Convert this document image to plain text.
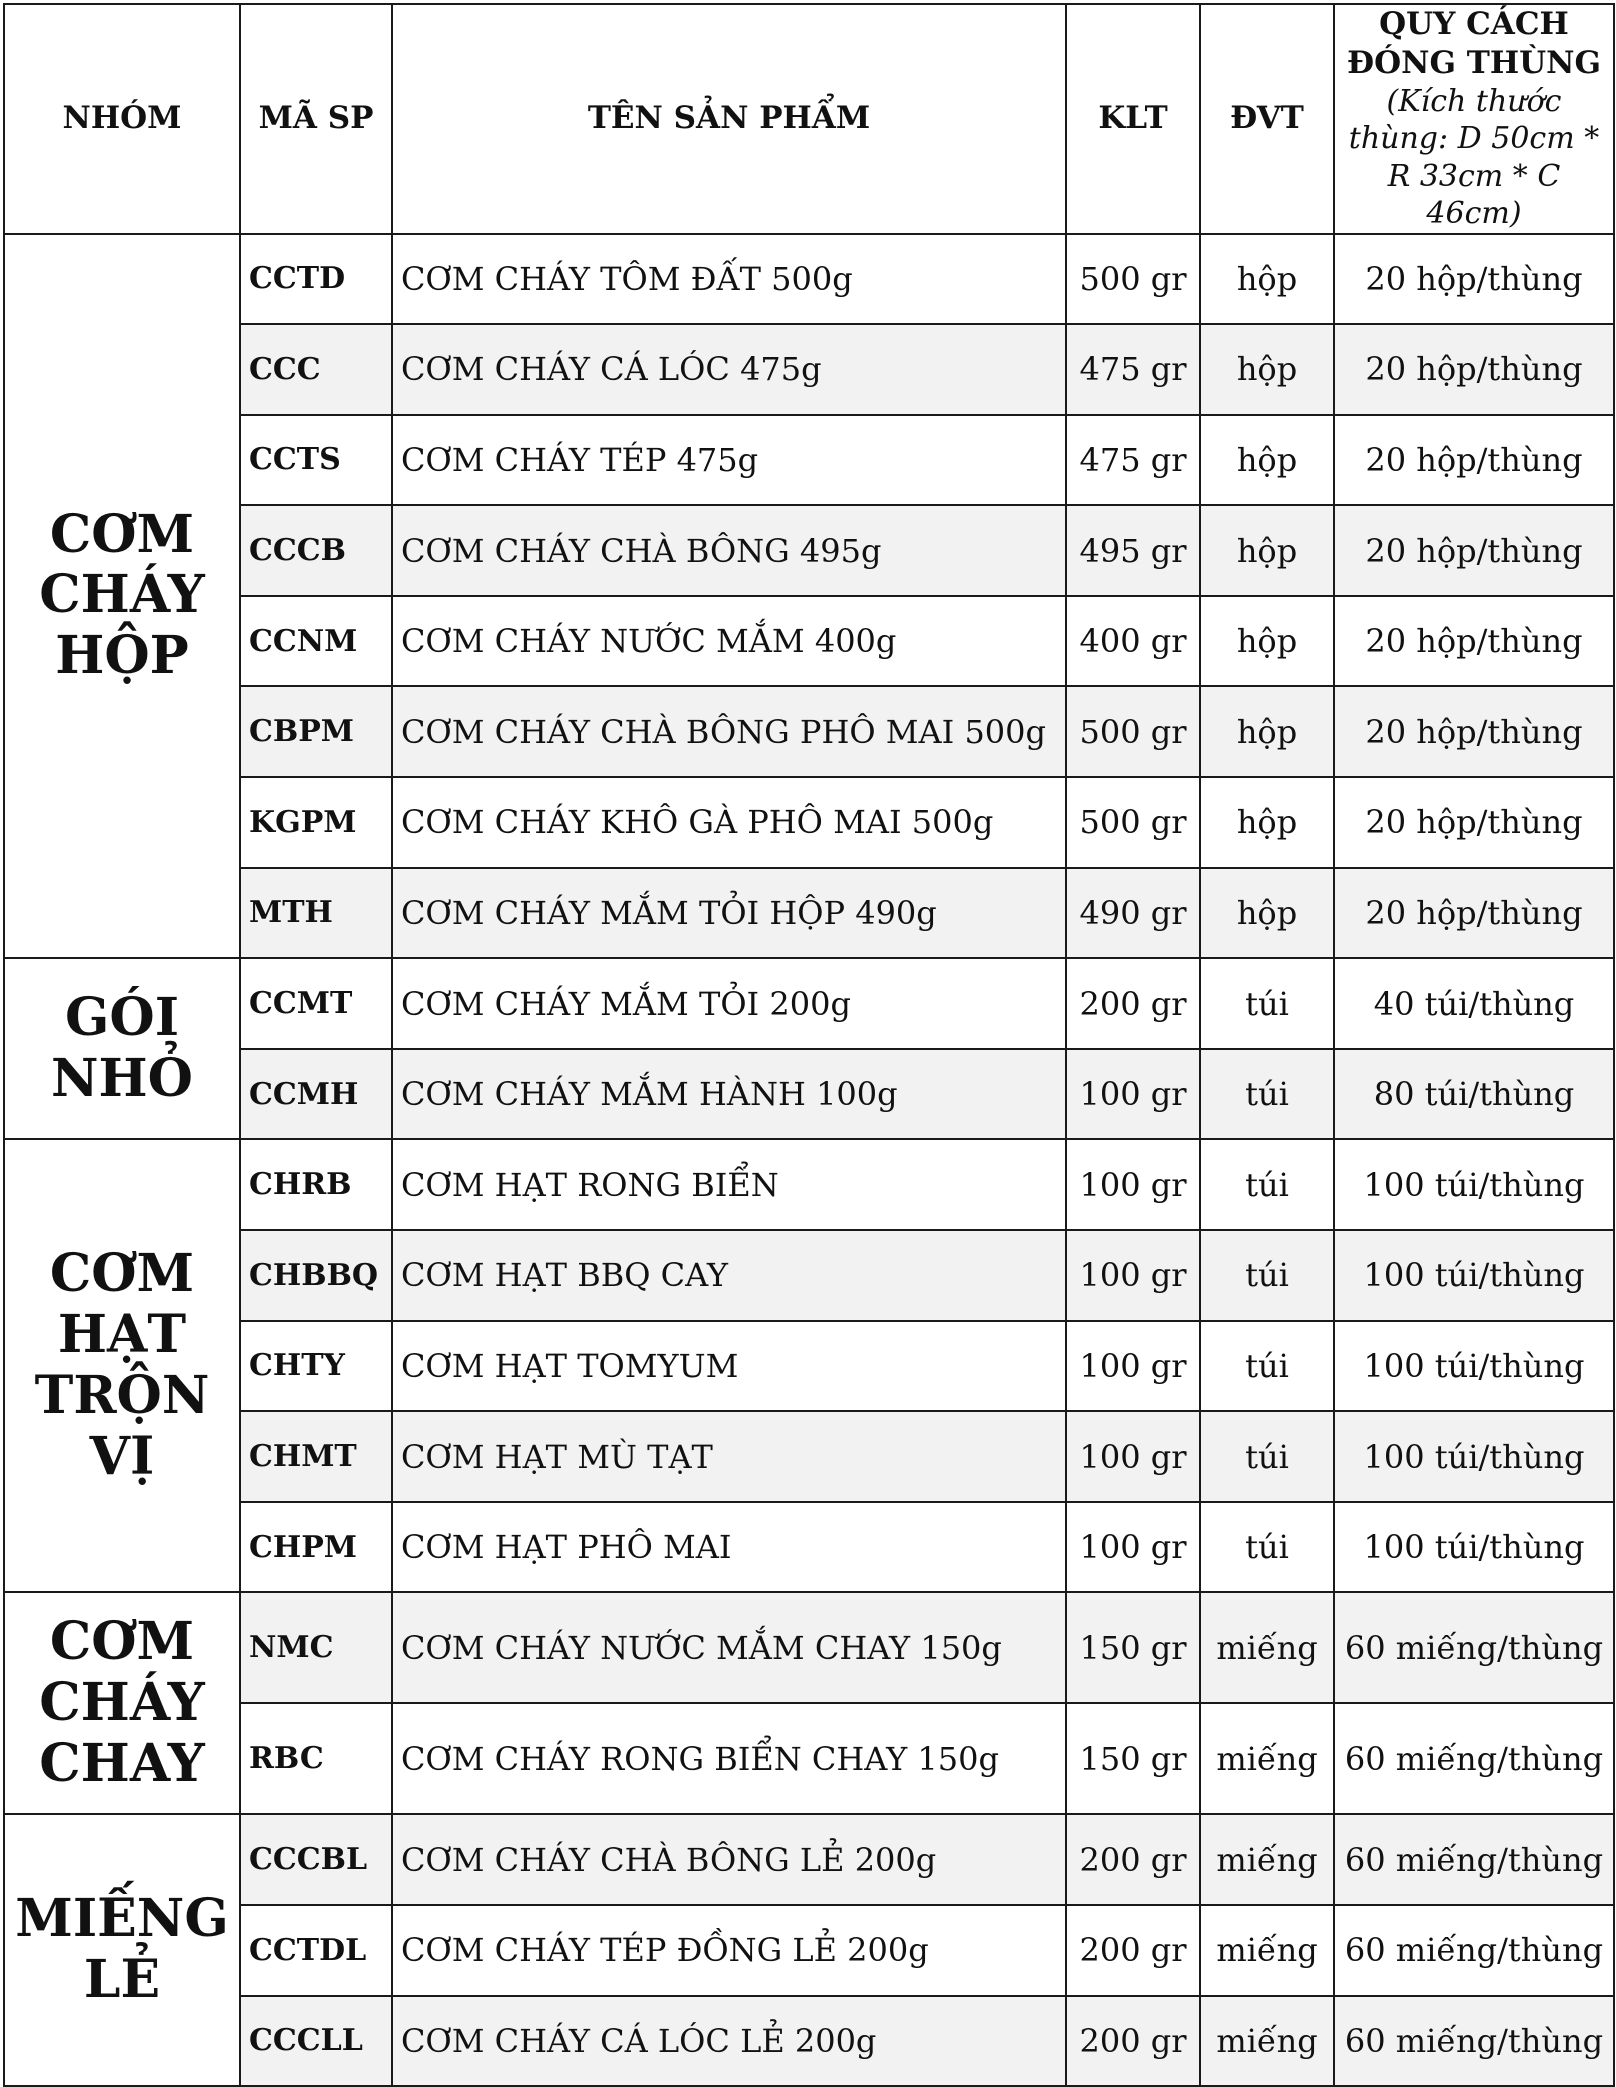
NHÓM	MÃ SP	TÊN SẢN PHẨM	KLT	ĐVT	QUY CÁCH ĐÓNG THÙNG
(Kích thước thùng: D 50cm * R 33cm * C 46cm)

CƠM CHÁY HỘP	CCTD	CƠM CHÁY TÔM ĐẤT 500g	500 gr	hộp	20 hộp/thùng
	CCC	CƠM CHÁY CÁ LÓC 475g	475 gr	hộp	20 hộp/thùng
	CCTS	CƠM CHÁY TÉP 475g	475 gr	hộp	20 hộp/thùng
	CCCB	CƠM CHÁY CHÀ BÔNG 495g	495 gr	hộp	20 hộp/thùng
	CCNM	CƠM CHÁY NƯỚC MẮM 400g	400 gr	hộp	20 hộp/thùng
	CBPM	CƠM CHÁY CHÀ BÔNG PHÔ MAI 500g	500 gr	hộp	20 hộp/thùng
	KGPM	CƠM CHÁY KHÔ GÀ PHÔ MAI 500g	500 gr	hộp	20 hộp/thùng
	MTH	CƠM CHÁY MẮM TỎI HỘP 490g	490 gr	hộp	20 hộp/thùng
GÓI NHỎ	CCMT	CƠM CHÁY MẮM TỎI 200g	200 gr	túi	40 túi/thùng
	CCMH	CƠM CHÁY MẮM HÀNH 100g	100 gr	túi	80 túi/thùng
CƠM HẠT TRỘN VỊ	CHRB	CƠM HẠT RONG BIỂN	100 gr	túi	100 túi/thùng
	CHBBQ	CƠM HẠT BBQ CAY	100 gr	túi	100 túi/thùng
	CHTY	CƠM HẠT TOMYUM	100 gr	túi	100 túi/thùng
	CHMT	CƠM HẠT MÙ TẠT	100 gr	túi	100 túi/thùng
	CHPM	CƠM HẠT PHÔ MAI	100 gr	túi	100 túi/thùng
CƠM CHÁY CHAY	NMC	CƠM CHÁY NƯỚC MẮM CHAY 150g	150 gr	miếng	60 miếng/thùng
	RBC	CƠM CHÁY RONG BIỂN CHAY 150g	150 gr	miếng	60 miếng/thùng
MIẾNG LẺ	CCCBL	CƠM CHÁY CHÀ BÔNG LẺ 200g	200 gr	miếng	60 miếng/thùng
	CCTDL	CƠM CHÁY TÉP ĐỒNG LẺ 200g	200 gr	miếng	60 miếng/thùng
	CCCLL	CƠM CHÁY CÁ LÓC LẺ 200g	200 gr	miếng	60 miếng/thùng
